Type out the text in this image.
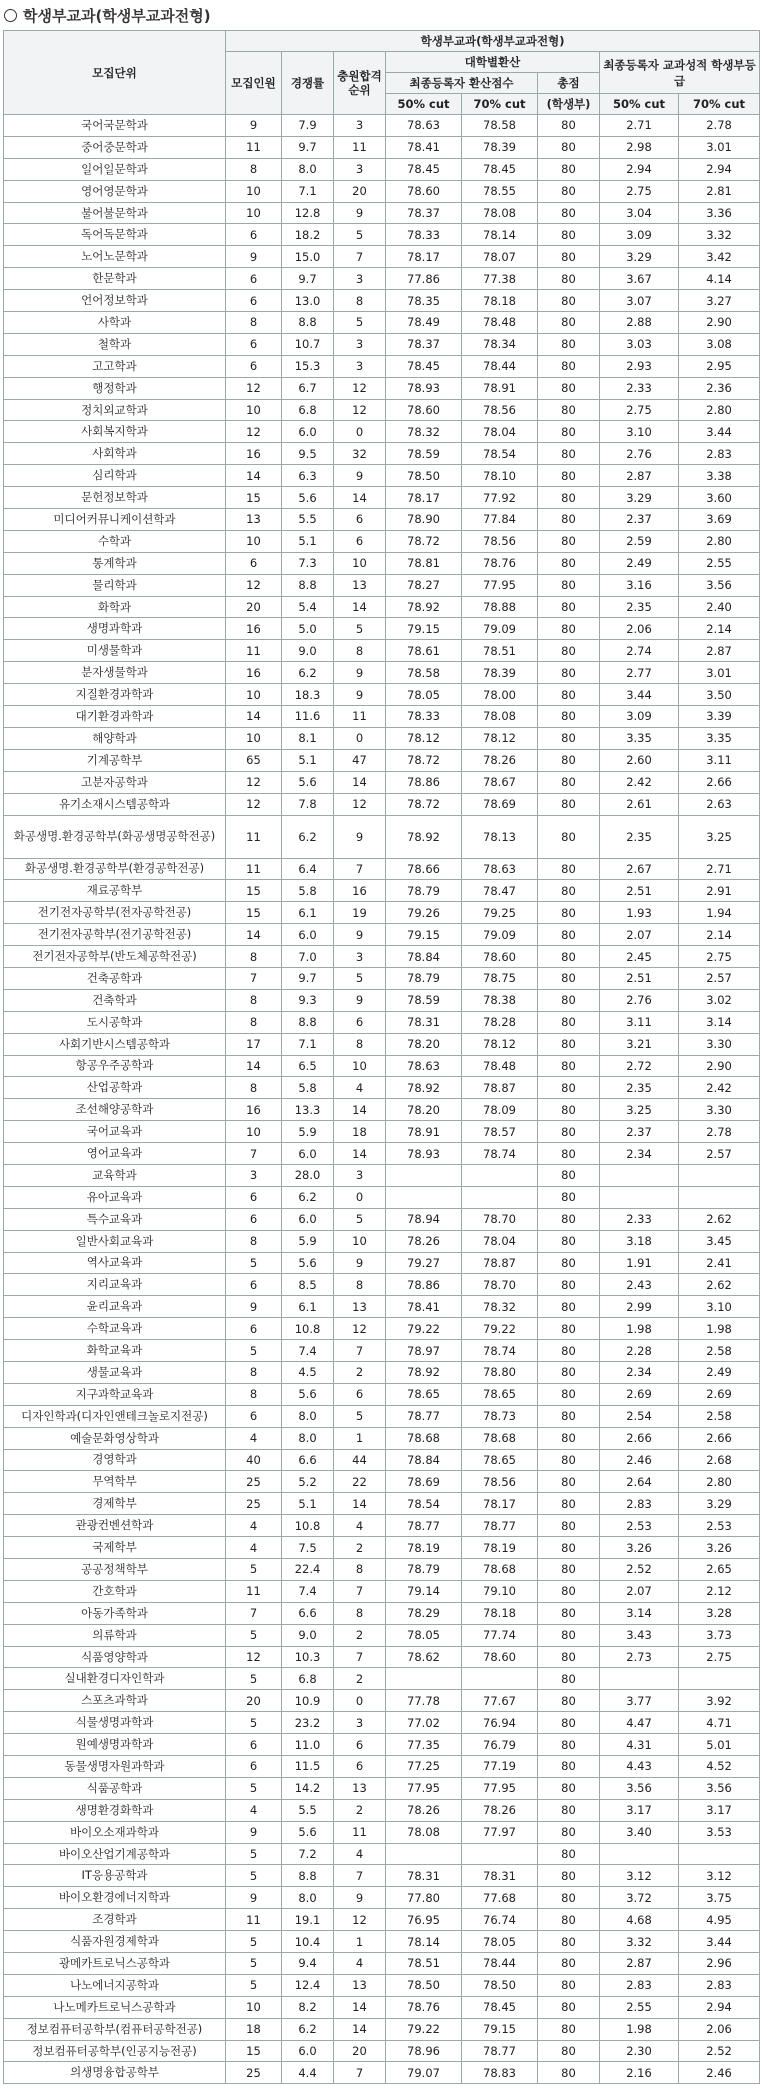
학생부교과(학생부교과전형)
모집단위	학생부교과(학생부교과전형)							
	모집인원	경쟁률	충원합격 순위	대학별환산			최종등록자 교과성적 학생부등급	
				최종등록자 환산점수		총점		
				50% cut	70% cut	(학생부)	50% cut	70% cut
국어국문학과	9	7.9	3	78.63	78.58	80	2.71	2.78
중어중문학과	11	9.7	11	78.41	78.39	80	2.98	3.01
일어일문학과	8	8.0	3	78.45	78.45	80	2.94	2.94
영어영문학과	10	7.1	20	78.60	78.55	80	2.75	2.81
불어불문학과	10	12.8	9	78.37	78.08	80	3.04	3.36
독어독문학과	6	18.2	5	78.33	78.14	80	3.09	3.32
노어노문학과	9	15.0	7	78.17	78.07	80	3.29	3.42
한문학과	6	9.7	3	77.86	77.38	80	3.67	4.14
언어정보학과	6	13.0	8	78.35	78.18	80	3.07	3.27
사학과	8	8.8	5	78.49	78.48	80	2.88	2.90
철학과	6	10.7	3	78.37	78.34	80	3.03	3.08
고고학과	6	15.3	3	78.45	78.44	80	2.93	2.95
행정학과	12	6.7	12	78.93	78.91	80	2.33	2.36
정치외교학과	10	6.8	12	78.60	78.56	80	2.75	2.80
사회복지학과	12	6.0	0	78.32	78.04	80	3.10	3.44
사회학과	16	9.5	32	78.59	78.54	80	2.76	2.83
심리학과	14	6.3	9	78.50	78.10	80	2.87	3.38
문헌정보학과	15	5.6	14	78.17	77.92	80	3.29	3.60
미디어커뮤니케이션학과	13	5.5	6	78.90	77.84	80	2.37	3.69
수학과	10	5.1	6	78.72	78.56	80	2.59	2.80
통계학과	6	7.3	10	78.81	78.76	80	2.49	2.55
물리학과	12	8.8	13	78.27	77.95	80	3.16	3.56
화학과	20	5.4	14	78.92	78.88	80	2.35	2.40
생명과학과	16	5.0	5	79.15	79.09	80	2.06	2.14
미생물학과	11	9.0	8	78.61	78.51	80	2.74	2.87
분자생물학과	16	6.2	9	78.58	78.39	80	2.77	3.01
지질환경과학과	10	18.3	9	78.05	78.00	80	3.44	3.50
대기환경과학과	14	11.6	11	78.33	78.08	80	3.09	3.39
해양학과	10	8.1	0	78.12	78.12	80	3.35	3.35
기계공학부	65	5.1	47	78.72	78.26	80	2.60	3.11
고분자공학과	12	5.6	14	78.86	78.67	80	2.42	2.66
유기소재시스템공학과	12	7.8	12	78.72	78.69	80	2.61	2.63
화공생명.환경공학부(화공생명공학전공)	11	6.2	9	78.92	78.13	80	2.35	3.25
화공생명.환경공학부(환경공학전공)	11	6.4	7	78.66	78.63	80	2.67	2.71
재료공학부	15	5.8	16	78.79	78.47	80	2.51	2.91
전기전자공학부(전자공학전공)	15	6.1	19	79.26	79.25	80	1.93	1.94
전기전자공학부(전기공학전공)	14	6.0	9	79.15	79.09	80	2.07	2.14
전기전자공학부(반도체공학전공)	8	7.0	3	78.84	78.60	80	2.45	2.75
건축공학과	7	9.7	5	78.79	78.75	80	2.51	2.57
건축학과	8	9.3	9	78.59	78.38	80	2.76	3.02
도시공학과	8	8.8	6	78.31	78.28	80	3.11	3.14
사회기반시스템공학과	17	7.1	8	78.20	78.12	80	3.21	3.30
항공우주공학과	14	6.5	10	78.63	78.48	80	2.72	2.90
산업공학과	8	5.8	4	78.92	78.87	80	2.35	2.42
조선해양공학과	16	13.3	14	78.20	78.09	80	3.25	3.30
국어교육과	10	5.9	18	78.91	78.57	80	2.37	2.78
영어교육과	7	6.0	14	78.93	78.74	80	2.34	2.57
교육학과	3	28.0	3			80		
유아교육과	6	6.2	0			80		
특수교육과	6	6.0	5	78.94	78.70	80	2.33	2.62
일반사회교육과	8	5.9	10	78.26	78.04	80	3.18	3.45
역사교육과	5	5.6	9	79.27	78.87	80	1.91	2.41
지리교육과	6	8.5	8	78.86	78.70	80	2.43	2.62
윤리교육과	9	6.1	13	78.41	78.32	80	2.99	3.10
수학교육과	6	10.8	12	79.22	79.22	80	1.98	1.98
화학교육과	5	7.4	7	78.97	78.74	80	2.28	2.58
생물교육과	8	4.5	2	78.92	78.80	80	2.34	2.49
지구과학교육과	8	5.6	6	78.65	78.65	80	2.69	2.69
디자인학과(디자인앤테크놀로지전공)	6	8.0	5	78.77	78.73	80	2.54	2.58
예술문화영상학과	4	8.0	1	78.68	78.68	80	2.66	2.66
경영학과	40	6.6	44	78.84	78.65	80	2.46	2.68
무역학부	25	5.2	22	78.69	78.56	80	2.64	2.80
경제학부	25	5.1	14	78.54	78.17	80	2.83	3.29
관광컨벤션학과	4	10.8	4	78.77	78.77	80	2.53	2.53
국제학부	4	7.5	2	78.19	78.19	80	3.26	3.26
공공정책학부	5	22.4	8	78.79	78.68	80	2.52	2.65
간호학과	11	7.4	7	79.14	79.10	80	2.07	2.12
아동가족학과	7	6.6	8	78.29	78.18	80	3.14	3.28
의류학과	5	9.0	2	78.05	77.74	80	3.43	3.73
식품영양학과	12	10.3	7	78.62	78.60	80	2.73	2.75
실내환경디자인학과	5	6.8	2			80		
스포츠과학과	20	10.9	0	77.78	77.67	80	3.77	3.92
식물생명과학과	5	23.2	3	77.02	76.94	80	4.47	4.71
원예생명과학과	6	11.0	6	77.35	76.79	80	4.31	5.01
동물생명자원과학과	6	11.5	6	77.25	77.19	80	4.43	4.52
식품공학과	5	14.2	13	77.95	77.95	80	3.56	3.56
생명환경화학과	4	5.5	2	78.26	78.26	80	3.17	3.17
바이오소재과학과	9	5.6	11	78.08	77.97	80	3.40	3.53
바이오산업기계공학과	5	7.2	4			80		
IT응용공학과	5	8.8	7	78.31	78.31	80	3.12	3.12
바이오환경에너지학과	9	8.0	9	77.80	77.68	80	3.72	3.75
조경학과	11	19.1	12	76.95	76.74	80	4.68	4.95
식품자원경제학과	5	10.4	1	78.14	78.05	80	3.32	3.44
광메카트로닉스공학과	5	9.4	4	78.51	78.44	80	2.87	2.96
나노에너지공학과	5	12.4	13	78.50	78.50	80	2.83	2.83
나노메카트로닉스공학과	10	8.2	14	78.76	78.45	80	2.55	2.94
정보컴퓨터공학부(컴퓨터공학전공)	18	6.2	14	79.22	79.15	80	1.98	2.06
정보컴퓨터공학부(인공지능전공)	15	6.0	20	78.96	78.77	80	2.30	2.52
의생명융합공학부	25	4.4	7	79.07	78.83	80	2.16	2.46
